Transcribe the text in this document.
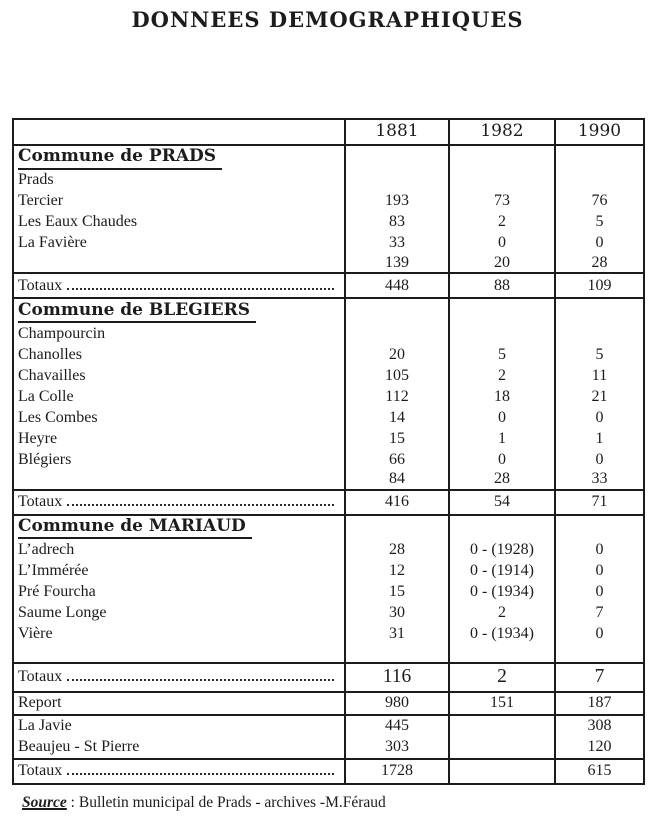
DONNEES DEMOGRAPHIQUES
	1881	1982	1990

Commune de PRADS			

Prads			

Tercier	193	73	76

Les Eaux Chaudes	83	2	5

La Favière	33	0	0

	139	20	28

Totaux	448	88	109

Commune de BLEGIERS			

Champourcin			

Chanolles	20	5	5

Chavailles	105	2	11

La Colle	112	18	21

Les Combes	14	0	0

Heyre	15	1	1

Blégiers	66	0	0

	84	28	33

Totaux	416	54	71

Commune de MARIAUD			

L’adrech	28	0 - (1928)	0

L’Immérée	12	0 - (1914)	0

Pré Fourcha	15	0 - (1934)	0

Saume Longe	30	2	7

Vière	31	0 - (1934)	0

Totaux	116	2	7

Report	980	151	187

La Javie	445		308

Beaujeu - St Pierre	303		120

Totaux	1728		615
Source : Bulletin municipal de Prads - archives -M.Féraud
